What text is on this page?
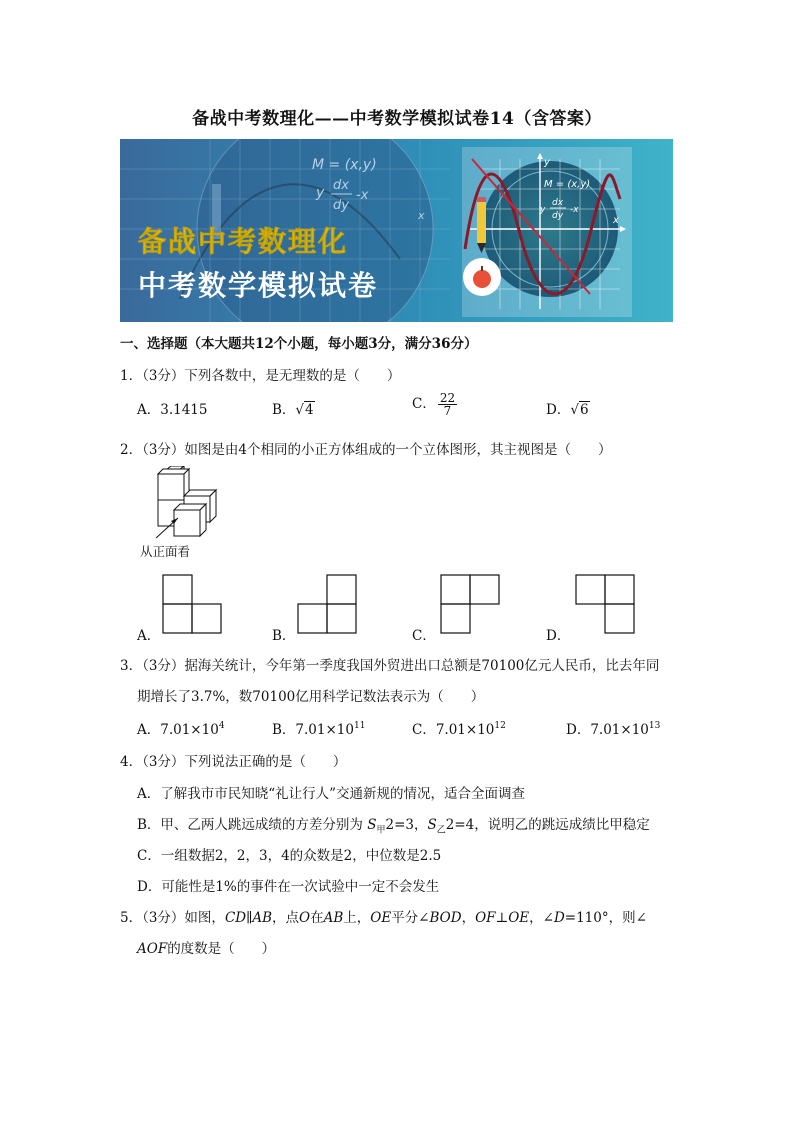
备战中考数理化——中考数学模拟试卷14（含答案）
M = (x,y)
y dx
dy
-x
x
备战中考数理化
中考数学模拟试卷
x
y
M = (x,y)
y
dx
dy
-x
一、选择题（本大题共12个小题，每小题3分，满分36分）
1．（3分）下列各数中，是无理数的是（　　）
A．3.1415	B．√4	C． $\frac{22}{7}$	D．√6
2．（3分）如图是由4个相同的小正方体组成的一个立体图形，其主视图是（　　）
从正面看
A．	B．	C．	D．
3．（3分）据海关统计，今年第一季度我国外贸进出口总额是70100亿元人民币，比去年同
期增长了3.7%，数70100亿用科学记数法表示为（　　）
A．$7.01\times 10^4$	B．$7.01\times 10^{11}$	C．$7.01\times 10^{12}$	D．$7.01\times 10^{13}$
4．（3分）下列说法正确的是（　　）
A．了解我市市民知晓“礼让行人”交通新规的情况，适合全面调查
B．甲、乙两人跳远成绩的方差分别为 $S_甲2=3$，$S_乙2=4$，说明乙的跳远成绩比甲稳定
C．一组数据2，2，3，4的众数是2，中位数是2.5
D．可能性是1%的事件在一次试验中一定不会发生
5．（3分）如图，CD∥AB，点O在AB上，OE平分∠BOD，OF⊥OE，∠D=110°，则∠
AOF的度数是（　　）
